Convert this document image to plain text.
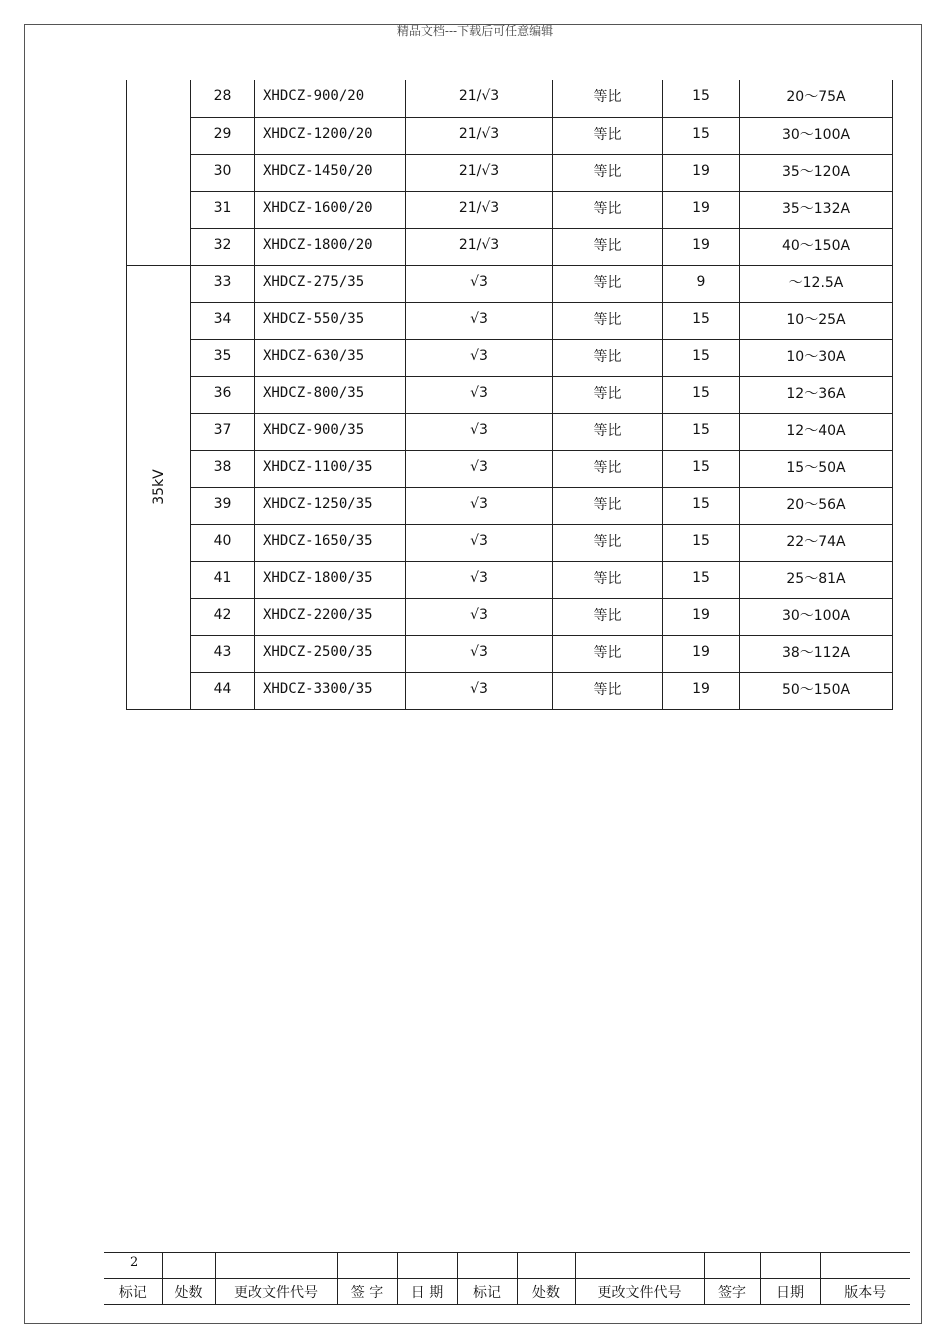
精品文档---下载后可任意编辑
	28	XHDCZ-900/20	21/√3	等比	15	20～75A
	29	XHDCZ-1200/20	21/√3	等比	15	30～100A
	30	XHDCZ-1450/20	21/√3	等比	19	35～120A
	31	XHDCZ-1600/20	21/√3	等比	19	35～132A
	32	XHDCZ-1800/20	21/√3	等比	19	40～150A
35kV	33	XHDCZ-275/35	√3	等比	9	～12.5A
	34	XHDCZ-550/35	√3	等比	15	10～25A
	35	XHDCZ-630/35	√3	等比	15	10～30A
	36	XHDCZ-800/35	√3	等比	15	12～36A
	37	XHDCZ-900/35	√3	等比	15	12～40A
	38	XHDCZ-1100/35	√3	等比	15	15～50A
	39	XHDCZ-1250/35	√3	等比	15	20～56A
	40	XHDCZ-1650/35	√3	等比	15	22～74A
	41	XHDCZ-1800/35	√3	等比	15	25～81A
	42	XHDCZ-2200/35	√3	等比	19	30～100A
	43	XHDCZ-2500/35	√3	等比	19	38～112A
	44	XHDCZ-3300/35	√3	等比	19	50～150A
2										
标记	处数	更改文件代号	签 字	日 期	标记	处数	更改文件代号	签字	日期	版本号
